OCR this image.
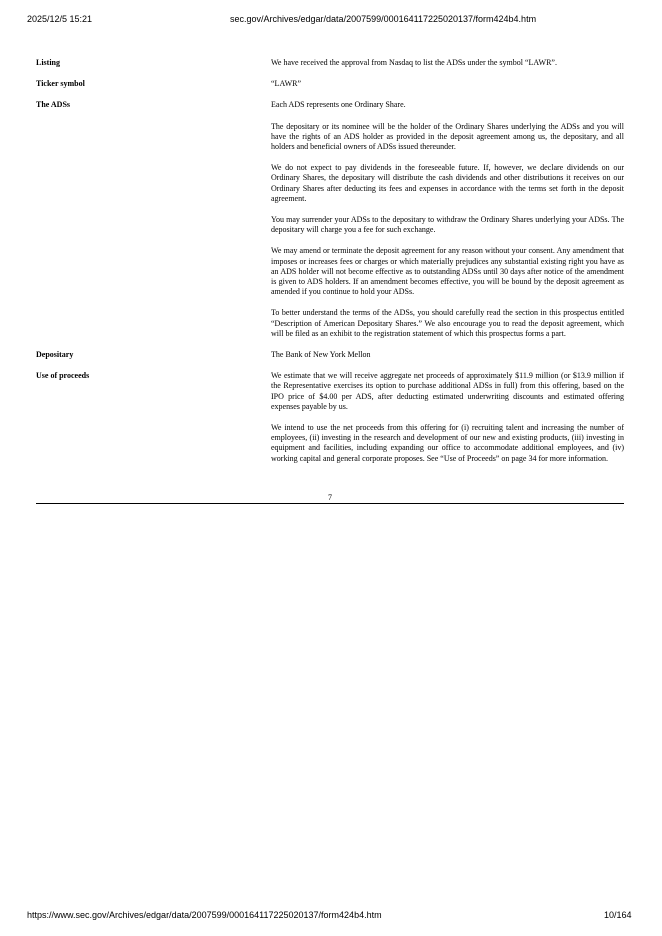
2025/12/5 15:21	sec.gov/Archives/edgar/data/2007599/000164117225020137/form424b4.htm
Listing	We have received the approval from Nasdaq to list the ADSs under the symbol “LAWR”.

Ticker symbol	“LAWR”

The ADSs	Each ADS represents one Ordinary Share.

The depositary or its nominee will be the holder of the Ordinary Shares underlying the ADSs and you will have the rights of an ADS holder as provided in the deposit agreement among us, the depositary, and all holders and beneficial owners of ADSs issued thereunder.

We do not expect to pay dividends in the foreseeable future. If, however, we declare dividends on our Ordinary Shares, the depositary will distribute the cash dividends and other distributions it receives on our Ordinary Shares after deducting its fees and expenses in accordance with the terms set forth in the deposit agreement.

You may surrender your ADSs to the depositary to withdraw the Ordinary Shares underlying your ADSs. The depositary will charge you a fee for such exchange.

We may amend or terminate the deposit agreement for any reason without your consent. Any amendment that imposes or increases fees or charges or which materially prejudices any substantial existing right you have as an ADS holder will not become effective as to outstanding ADSs until 30 days after notice of the amendment is given to ADS holders. If an amendment becomes effective, you will be bound by the deposit agreement as amended if you continue to hold your ADSs.

To better understand the terms of the ADSs, you should carefully read the section in this prospectus entitled “Description of American Depositary Shares.” We also encourage you to read the deposit agreement, which will be filed as an exhibit to the registration statement of which this prospectus forms a part.

Depositary	The Bank of New York Mellon

Use of proceeds	We estimate that we will receive aggregate net proceeds of approximately $11.9 million (or $13.9 million if the Representative exercises its option to purchase additional ADSs in full) from this offering, based on the IPO price of $4.00 per ADS, after deducting estimated underwriting discounts and estimated offering expenses payable by us.

We intend to use the net proceeds from this offering for (i) recruiting talent and increasing the number of employees, (ii) investing in the research and development of our new and existing products, (iii) investing in equipment and facilities, including expanding our office to accommodate additional employees, and (iv) working capital and general corporate proposes. See “Use of Proceeds” on page 34 for more information.

7
https://www.sec.gov/Archives/edgar/data/2007599/000164117225020137/form424b4.htm	10/164
